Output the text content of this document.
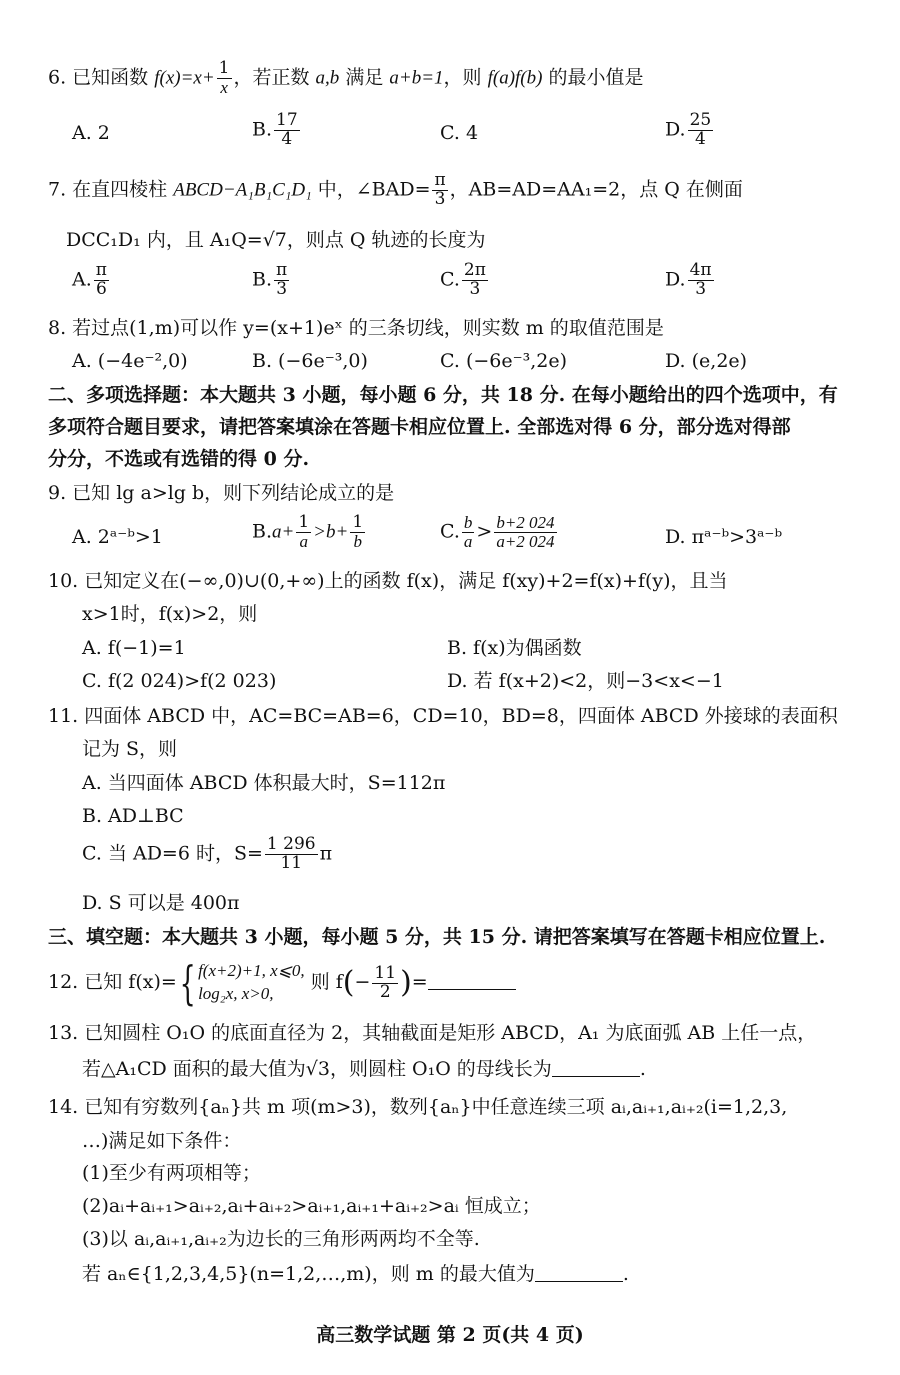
6. 已知函数 $f(x)=x+ \frac{1}{x}$ ，若正数 a,b 满足 a+b=1，则 f(a)f(b) 的最小值是
A. 2	B. $\frac{17}{4}$	C. 4	D. $\frac{25}{4}$
7. 在直四棱柱 ABCD−A₁B₁C₁D₁ 中，∠BAD= $\frac{\pi}{3}$ ，AB=AD=AA₁=2，点 Q 在侧面
DCC₁D₁ 内，且 A₁Q=√7，则点 Q 轨迹的长度为
A. $\frac{\pi}{6}$	B. $\frac{\pi}{3}$	C. $\frac{2\pi}{3}$	D. $\frac{4\pi}{3}$
8. 若过点(1,m)可以作 y=(x+1)eˣ 的三条切线，则实数 m 的取值范围是
A. (−4e⁻²,0)	B. (−6e⁻³,0)	C. (−6e⁻³,2e)	D. (e,2e)
二、多项选择题：本大题共 3 小题，每小题 6 分，共 18 分. 在每小题给出的四个选项中，有
多项符合题目要求，请把答案填涂在答题卡相应位置上. 全部选对得 6 分，部分选对得部
分分，不选或有选错的得 0 分.
9. 已知 lg a>lg b，则下列结论成立的是
A. 2ᵃ⁻ᵇ>1	$B.a+ \frac{1}{a} >b+ \frac{1}{b}$	C. $\frac{b}{a} > \frac{b+2 024}{a+2 024}$	D. πᵃ⁻ᵇ>3ᵃ⁻ᵇ
10. 已知定义在(−∞,0)∪(0,+∞)上的函数 f(x)，满足 f(xy)+2=f(x)+f(y)，且当
x>1时，f(x)>2，则
A. f(−1)=1	B. f(x)为偶函数
C. f(2 024)>f(2 023)	D. 若 f(x+2)<2，则−3<x<−1
11. 四面体 ABCD 中，AC=BC=AB=6，CD=10，BD=8，四面体 ABCD 外接球的表面积
记为 S，则
A. 当四面体 ABCD 体积最大时，S=112π
B. AD⊥BC
C. 当 AD=6 时，$S= \frac{1 296}{11}$ π
D. S 可以是 400π
三、填空题：本大题共 3 小题，每小题 5 分，共 15 分. 请把答案填写在答题卡相应位置上.
12. 已知 f(x)={ f(x+2)+1, x⩽0,
log₂x, x>0,
则 $f(- \frac{11}{2}$ )=
13. 已知圆柱 O₁O 的底面直径为 2，其轴截面是矩形 ABCD，A₁ 为底面弧 AB 上任一点，
若△A₁CD 面积的最大值为√3，则圆柱 O₁O 的母线长为	.
14. 已知有穷数列{aₙ}共 m 项(m>3)，数列{aₙ}中任意连续三项 aᵢ,aᵢ₊₁,aᵢ₊₂(i=1,2,3,
…)满足如下条件：
(1)至少有两项相等；
(2)aᵢ+aᵢ₊₁>aᵢ₊₂,aᵢ+aᵢ₊₂>aᵢ₊₁,aᵢ₊₁+aᵢ₊₂>aᵢ 恒成立；
(3)以 aᵢ,aᵢ₊₁,aᵢ₊₂为边长的三角形两两均不全等.
若 aₙ∈{1,2,3,4,5}(n=1,2,…,m)，则 m 的最大值为	.
高三数学试题 第 2 页(共 4 页)
